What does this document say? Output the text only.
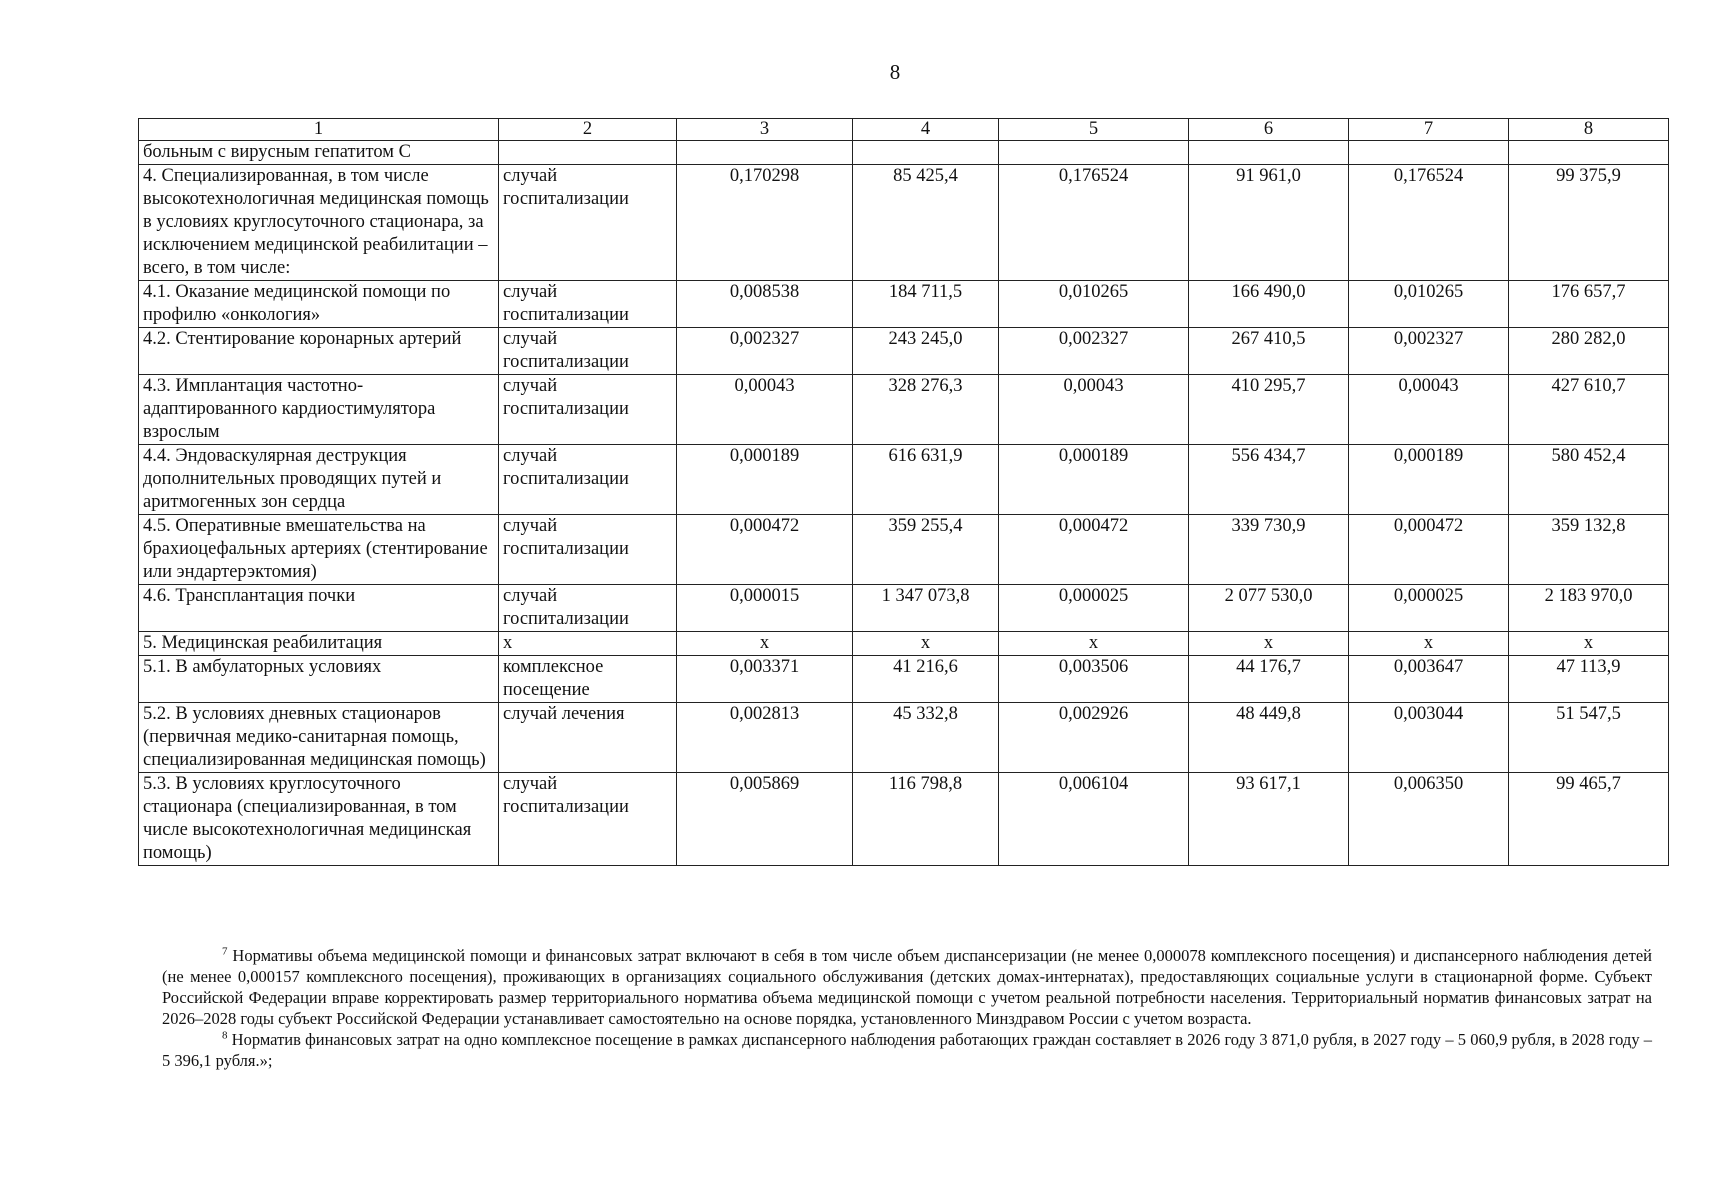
8
1	2	3	4	5	6	7	8
больным с вирусным гепатитом С							
4. Специализированная, в том числе высокотехнологичная медицинская помощь в условиях круглосуточного стационара, за исключением медицинской реабилитации – всего, в том числе:	случай госпитализации	0,170298	85 425,4	0,176524	91 961,0	0,176524	99 375,9
4.1. Оказание медицинской помощи по профилю «онкология»	случай госпитализации	0,008538	184 711,5	0,010265	166 490,0	0,010265	176 657,7
4.2. Стентирование коронарных артерий	случай госпитализации	0,002327	243 245,0	0,002327	267 410,5	0,002327	280 282,0
4.3. Имплантация частотно-адаптированного кардиостимулятора взрослым	случай госпитализации	0,00043	328 276,3	0,00043	410 295,7	0,00043	427 610,7
4.4. Эндоваскулярная деструкция дополнительных проводящих путей и аритмогенных зон сердца	случай госпитализации	0,000189	616 631,9	0,000189	556 434,7	0,000189	580 452,4
4.5. Оперативные вмешательства на брахиоцефальных артериях (стентирование или эндартерэктомия)	случай госпитализации	0,000472	359 255,4	0,000472	339 730,9	0,000472	359 132,8
4.6. Трансплантация почки	случай госпитализации	0,000015	1 347 073,8	0,000025	2 077 530,0	0,000025	2 183 970,0
5. Медицинская реабилитация	х	х	х	х	х	х	х
5.1. В амбулаторных условиях	комплексное посещение	0,003371	41 216,6	0,003506	44 176,7	0,003647	47 113,9
5.2. В условиях дневных стационаров (первичная медико-санитарная помощь, специализированная медицинская помощь)	случай лечения	0,002813	45 332,8	0,002926	48 449,8	0,003044	51 547,5
5.3. В условиях круглосуточного стационара (специализированная, в том числе высокотехнологичная медицинская помощь)	случай госпитализации	0,005869	116 798,8	0,006104	93 617,1	0,006350	99 465,7

$^7$ Нормативы объема медицинской помощи и финансовых затрат включают в себя в том числе объем диспансеризации (не менее 0,000078 комплексного посещения) и диспансерного наблюдения детей (не менее 0,000157 комплексного посещения), проживающих в организациях социального обслуживания (детских домах-интернатах), предоставляющих социальные услуги в стационарной форме. Субъект Российской Федерации вправе корректировать размер территориального норматива объема медицинской помощи с учетом реальной потребности населения. Территориальный норматив финансовых затрат на 2026–2028 годы субъект Российской Федерации устанавливает самостоятельно на основе порядка, установленного Минздравом России с учетом возраста.

$^8$ Норматив финансовых затрат на одно комплексное посещение в рамках диспансерного наблюдения работающих граждан составляет в 2026 году 3 871,0 рубля, в 2027 году – 5 060,9 рубля, в 2028 году – 5 396,1 рубля.»;
